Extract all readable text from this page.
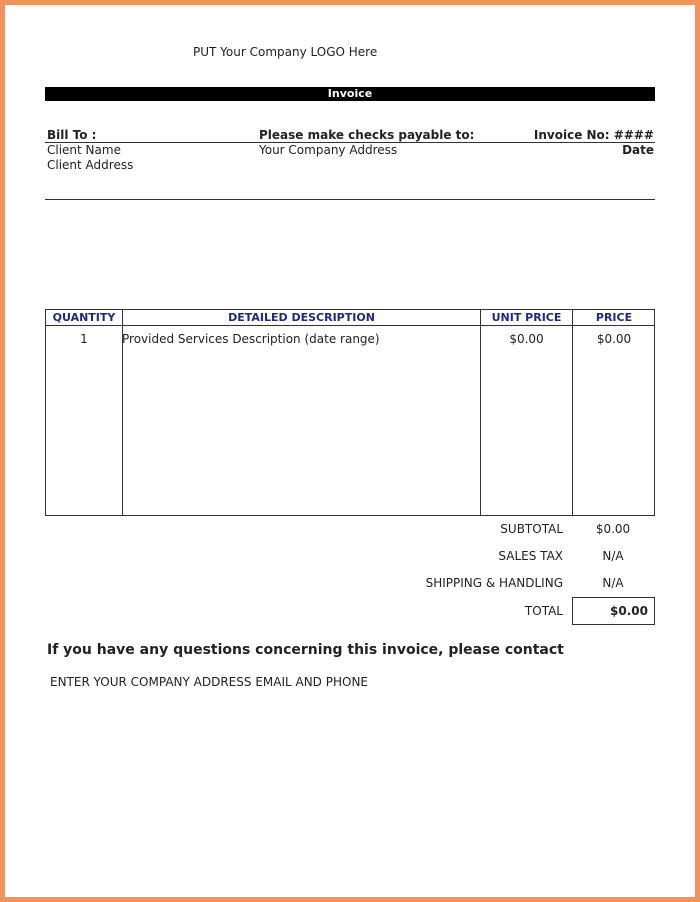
PUT Your Company LOGO Here
Invoice
Bill To :
Client Name
Client Address
Please make checks payable to:
Your Company Address
Invoice No: ####
Date
QUANTITY	DETAILED DESCRIPTION	UNIT PRICE	PRICE
1	Provided Services Description (date range)	$0.00	$0.00
SUBTOTAL	$0.00
SALES TAX	N/A
SHIPPING & HANDLING	N/A
TOTAL	$0.00
If you have any questions concerning this invoice, please contact
ENTER YOUR COMPANY ADDRESS EMAIL AND PHONE
